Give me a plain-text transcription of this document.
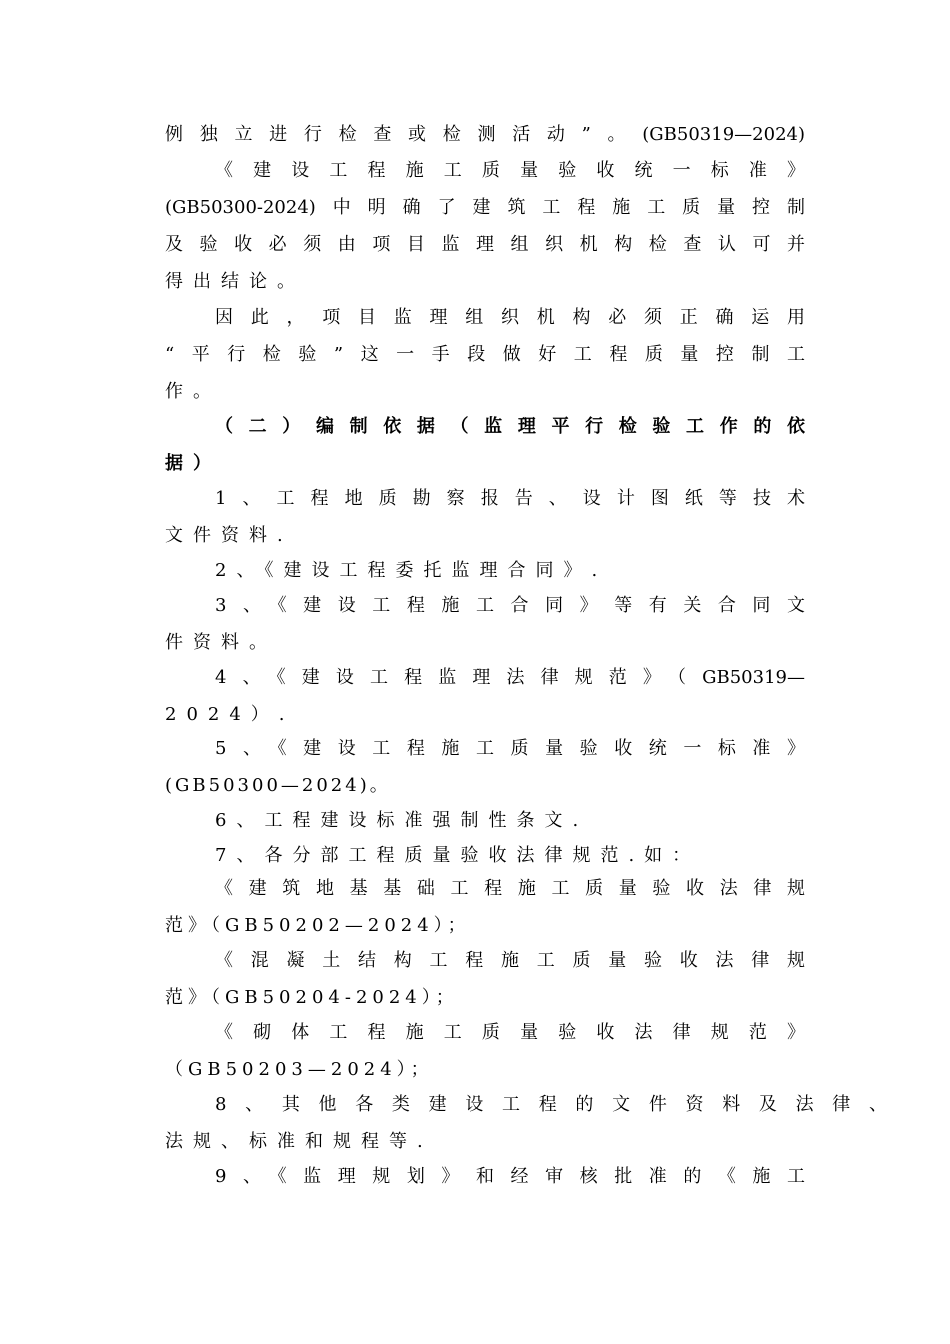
例独立进行检查或检测活动”。(GB50319—2024)
《建设工程施工质量验收统一标准》
(GB50300-2024)中明确了建筑工程施工质量控制
及验收必须由项目监理组织机构检查认可并
得出结论。
因此，项目监理组织机构必须正确运用
“平行检验”这一手段做好工程质量控制工
作。
（二）编制依据（监理平行检验工作的依
据）
1、工程地质勘察报告、设计图纸等技术
文件资料.
2、《建设工程委托监理合同》.
3、《建设工程施工合同》等有关合同文
件资料。
4、《建设工程监理法律规范》（GB50319—
2024）.
5、《建设工程施工质量验收统一标准》
(GB50300—2024)。
6、工程建设标准强制性条文.
7、各分部工程质量验收法律规范.如：
《建筑地基基础工程施工质量验收法律规
范》（GB50202—2024）；
《混凝土结构工程施工质量验收法律规
范》（GB50204-2024）；
《砌体工程施工质量验收法律规范》
（GB50203—2024）；
8、其他各类建设工程的文件资料及法律、
法规、标准和规程等.
9、《监理规划》和经审核批准的《施工
